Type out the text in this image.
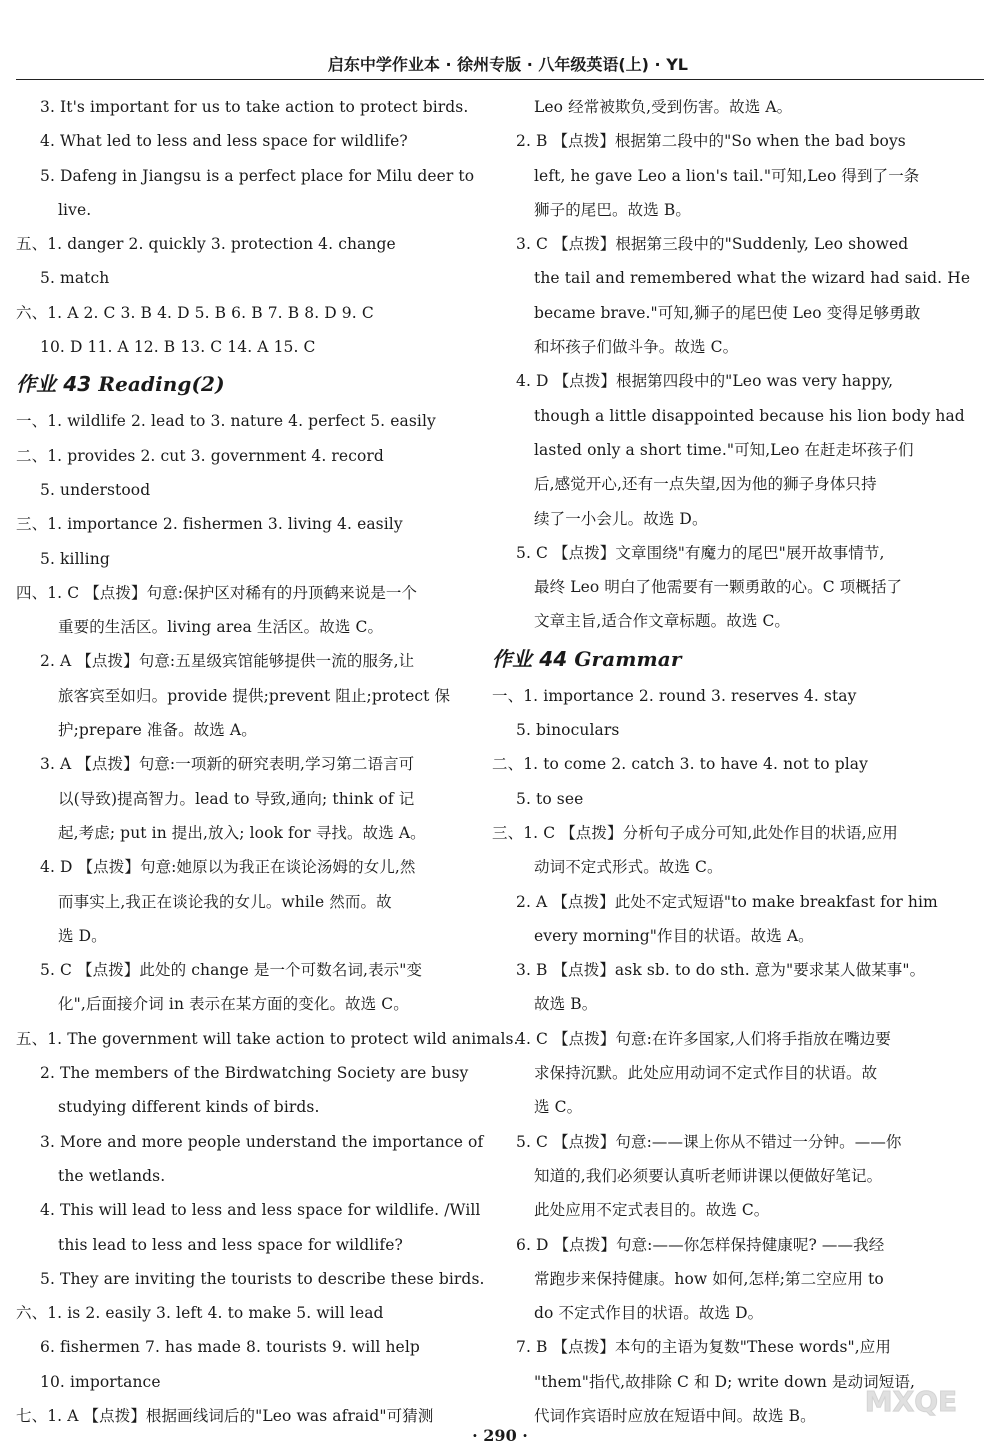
启东中学作业本 · 徐州专版 · 八年级英语(上) · YL
3. It's important for us to take action to protect birds.
4. What led to less and less space for wildlife?
5. Dafeng in Jiangsu is a perfect place for Milu deer to
live.
五、1. danger 2. quickly 3. protection 4. change
5. match
六、1. A 2. C 3. B 4. D 5. B 6. B 7. B 8. D 9. C
10. D 11. A 12. B 13. C 14. A 15. C
作业 43 Reading(2)
一、1. wildlife 2. lead to 3. nature 4. perfect 5. easily
二、1. provides 2. cut 3. government 4. record
5. understood
三、1. importance 2. fishermen 3. living 4. easily
5. killing
四、1. C 【点拨】句意:保护区对稀有的丹顶鹤来说是一个
重要的生活区。living area 生活区。故选 C。
2. A 【点拨】句意:五星级宾馆能够提供一流的服务,让
旅客宾至如归。provide 提供;prevent 阻止;protect 保
护;prepare 准备。故选 A。
3. A 【点拨】句意:一项新的研究表明,学习第二语言可
以(导致)提高智力。lead to 导致,通向; think of 记
起,考虑; put in 提出,放入; look for 寻找。故选 A。
4. D 【点拨】句意:她原以为我正在谈论汤姆的女儿,然
而事实上,我正在谈论我的女儿。while 然而。故
选 D。
5. C 【点拨】此处的 change 是一个可数名词,表示"变
化",后面接介词 in 表示在某方面的变化。故选 C。
五、1. The government will take action to protect wild animals.
2. The members of the Birdwatching Society are busy
studying different kinds of birds.
3. More and more people understand the importance of
the wetlands.
4. This will lead to less and less space for wildlife. /Will
this lead to less and less space for wildlife?
5. They are inviting the tourists to describe these birds.
六、1. is 2. easily 3. left 4. to make 5. will lead
6. fishermen 7. has made 8. tourists 9. will help
10. importance
七、1. A 【点拨】根据画线词后的"Leo was afraid"可猜测
Leo 经常被欺负,受到伤害。故选 A。
2. B 【点拨】根据第二段中的"So when the bad boys
left, he gave Leo a lion's tail."可知,Leo 得到了一条
狮子的尾巴。故选 B。
3. C 【点拨】根据第三段中的"Suddenly, Leo showed
the tail and remembered what the wizard had said. He
became brave."可知,狮子的尾巴使 Leo 变得足够勇敢
和坏孩子们做斗争。故选 C。
4. D 【点拨】根据第四段中的"Leo was very happy,
though a little disappointed because his lion body had
lasted only a short time."可知,Leo 在赶走坏孩子们
后,感觉开心,还有一点失望,因为他的狮子身体只持
续了一小会儿。故选 D。
5. C 【点拨】文章围绕"有魔力的尾巴"展开故事情节,
最终 Leo 明白了他需要有一颗勇敢的心。C 项概括了
文章主旨,适合作文章标题。故选 C。
作业 44 Grammar
一、1. importance 2. round 3. reserves 4. stay
5. binoculars
二、1. to come 2. catch 3. to have 4. not to play
5. to see
三、1. C 【点拨】分析句子成分可知,此处作目的状语,应用
动词不定式形式。故选 C。
2. A 【点拨】此处不定式短语"to make breakfast for him
every morning"作目的状语。故选 A。
3. B 【点拨】ask sb. to do sth. 意为"要求某人做某事"。
故选 B。
4. C 【点拨】句意:在许多国家,人们将手指放在嘴边要
求保持沉默。此处应用动词不定式作目的状语。故
选 C。
5. C 【点拨】句意:——课上你从不错过一分钟。——你
知道的,我们必须要认真听老师讲课以便做好笔记。
此处应用不定式表目的。故选 C。
6. D 【点拨】句意:——你怎样保持健康呢? ——我经
常跑步来保持健康。how 如何,怎样;第二空应用 to
do 不定式作目的状语。故选 D。
7. B 【点拨】本句的主语为复数"These words",应用
"them"指代,故排除 C 和 D; write down 是动词短语,
代词作宾语时应放在短语中间。故选 B。
· 290 ·
MXQE
